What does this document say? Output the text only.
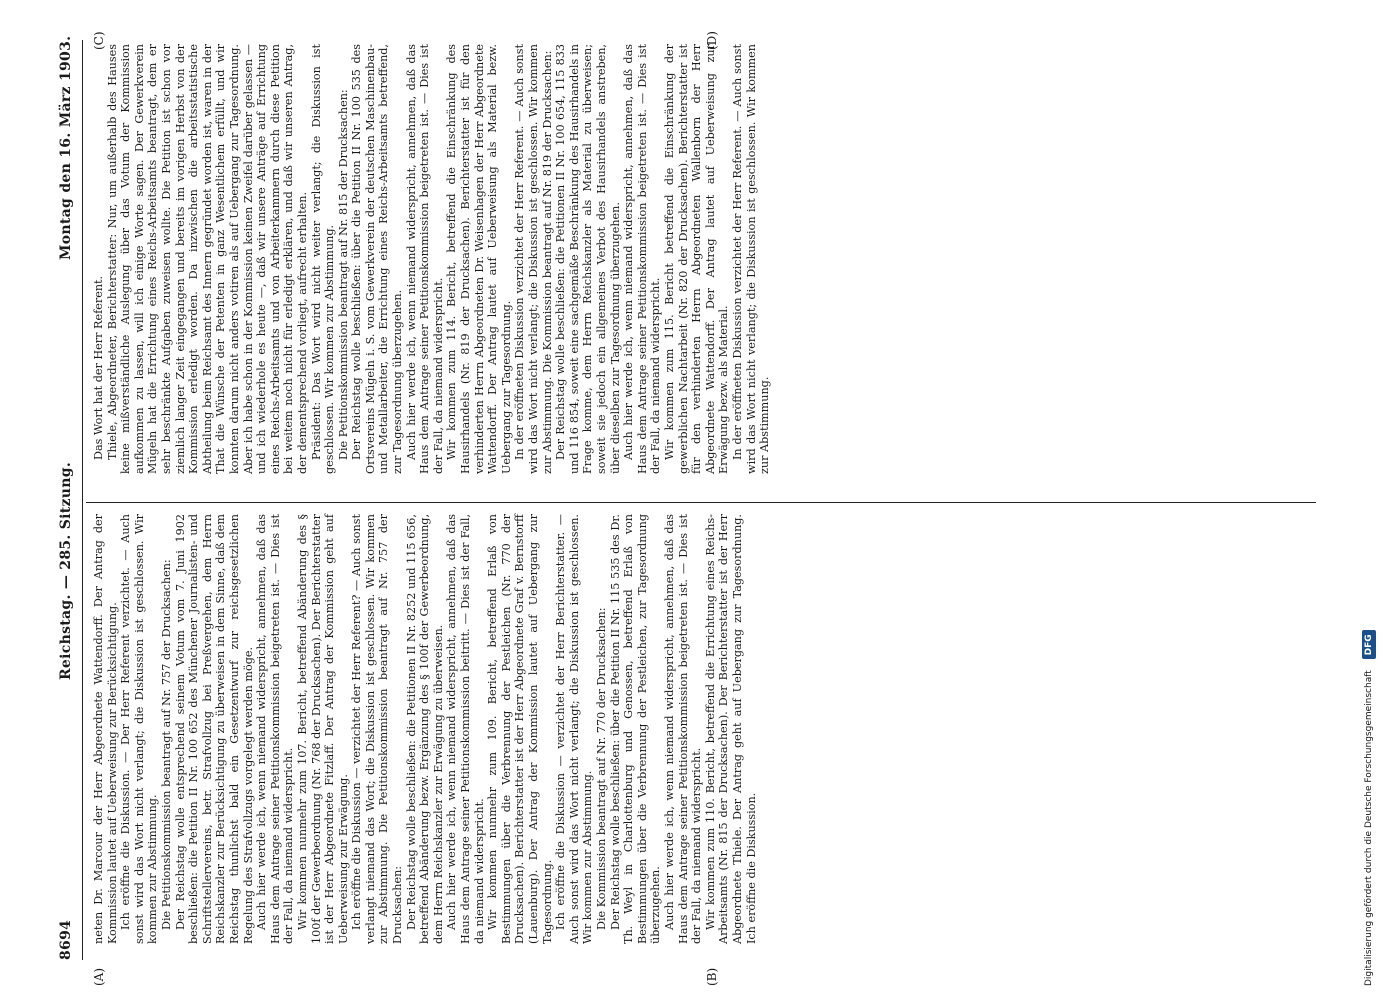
8694
Reichstag. — 285. Sitzung.
Montag den 16. März 1903.
(A)	(B)
(C)	(D)

neten Dr. Marcour der Herr Abgeordnete Wattendorff. Der Antrag der Kommission lautet auf Ueberweisung zur Berücksichtigung. Ich eröffne die Diskussion. — Der Herr Referent verzichtet. — Auch sonst wird das Wort nicht verlangt; die Diskussion ist geschlossen. Wir kommen zur Abstimmung. Die Petitionskommission beantragt auf Nr. 757 der Drucksachen: Der Reichstag wolle entsprechend seinem Votum vom 7. Juni 1902 beschließen: die Petition II Nr. 100 652 des Münchener Journalisten- und Schriftstellervereins, betr. Strafvollzug bei Preßvergehen, dem Herrn Reichskanzler zur Berücksichtigung zu überweisen in dem Sinne, daß dem Reichstag thunlichst bald ein Gesetzentwurf zur reichsgesetzlichen Regelung des Strafvollzugs vorgelegt werden möge. Auch hier werde ich, wenn niemand widerspricht, annehmen, daß das Haus dem Antrage seiner Petitionskommission beigetreten ist. — Dies ist der Fall, da niemand widerspricht. Wir kommen nunmehr zum 107. Bericht, betreffend Abänderung des § 100f der Gewerbeordnung (Nr. 768 der Drucksachen). Der Berichterstatter ist der Herr Abgeordnete Fitzlaff. Der Antrag der Kommission geht auf Ueberweisung zur Erwägung. Ich eröffne die Diskussion — verzichtet der Herr Referent? — Auch sonst verlangt niemand das Wort; die Diskussion ist geschlossen. Wir kommen zur Abstimmung. Die Petitionskommission beantragt auf Nr. 757 der Drucksachen: Der Reichstag wolle beschließen: die Petitionen II Nr. 8252 und 115 656, betreffend Abänderung bezw. Ergänzung des § 100f der Gewerbeordnung, dem Herrn Reichskanzler zur Erwägung zu überweisen. Auch hier werde ich, wenn niemand widerspricht, annehmen, daß das Haus dem Antrage seiner Petitionskommission beitritt. — Dies ist der Fall, da niemand widerspricht. Wir kommen nunmehr zum 109. Bericht, betreffend Erlaß von Bestimmungen über die Verbrennung der Pestleichen (Nr. 770 der Drucksachen). Berichterstatter ist der Herr Abgeordnete Graf v. Bernstorff (Lauenburg). Der Antrag der Kommission lautet auf Uebergang zur Tagesordnung. Ich eröffne die Diskussion — verzichtet der Herr Berichterstatter. — Auch sonst wird das Wort nicht verlangt; die Diskussion ist geschlossen. Wir kommen zur Abstimmung. Die Kommission beantragt auf Nr. 770 der Drucksachen: Der Reichstag wolle beschließen: über die Petition II Nr. 115 535 des Dr. Th. Weyl in Charlottenburg und Genossen, betreffend Erlaß von Bestimmungen über die Verbrennung der Pestleichen, zur Tagesordnung überzugehen. Auch hier werde ich, wenn niemand widerspricht, annehmen, daß das Haus dem Antrage seiner Petitionskommission beigetreten ist. — Dies ist der Fall, da niemand widerspricht. Wir kommen zum 110. Bericht, betreffend die Errichtung eines Reichs-Arbeitsamts (Nr. 815 der Drucksachen). Der Berichterstatter ist der Herr Abgeordnete Thiele. Der Antrag geht auf Uebergang zur Tagesordnung. Ich eröffne die Diskussion.

Das Wort hat der Herr Referent. Thiele, Abgeordneter, Berichterstatter: Nur, um außerhalb des Hauses keine mißverständliche Auslegung über das Votum der Kommission aufkommen zu lassen, will ich einige Worte sagen. Der Gewerkverein Mügeln hat die Errichtung eines Reichs-Arbeitsamts beantragt, dem er sehr beschränkte Aufgaben zuweisen wollte. Die Petition ist schon vor ziemlich langer Zeit eingegangen und bereits im vorigen Herbst von der Kommission erledigt worden. Da inzwischen die arbeitsstatistische Abtheilung beim Reichsamt des Innern gegründet worden ist, waren in der That die Wünsche der Petenten in ganz Wesentlichem erfüllt, und wir konnten darum nicht anders votiren als auf Uebergang zur Tagesordnung. Aber ich habe schon in der Kommission keinen Zweifel darüber gelassen — und ich wiederhole es heute —, daß wir unsere Anträge auf Errichtung eines Reichs-Arbeitsamts und von Arbeiterkammern durch diese Petition bei weitem noch nicht für erledigt erklären, und daß wir unseren Antrag, der dementsprechend vorliegt, aufrecht erhalten. Präsident: Das Wort wird nicht weiter verlangt; die Diskussion ist geschlossen. Wir kommen zur Abstimmung. Die Petitionskommission beantragt auf Nr. 815 der Drucksachen: Der Reichstag wolle beschließen: über die Petition II Nr. 100 535 des Ortsvereins Mügeln i. S. vom Gewerkverein der deutschen Maschinenbau- und Metallarbeiter, die Errichtung eines Reichs-Arbeitsamts betreffend, zur Tagesordnung überzugehen. Auch hier werde ich, wenn niemand widerspricht, annehmen, daß das Haus dem Antrage seiner Petitionskommission beigetreten ist. — Dies ist der Fall, da niemand widerspricht. Wir kommen zum 114. Bericht, betreffend die Einschränkung des Hausirhandels (Nr. 819 der Drucksachen). Berichterstatter ist für den verhinderten Herrn Abgeordneten Dr. Weisenhagen der Herr Abgeordnete Wattendorff. Der Antrag lautet auf Ueberweisung als Material bezw. Uebergang zur Tagesordnung. In der eröffneten Diskussion verzichtet der Herr Referent. — Auch sonst wird das Wort nicht verlangt; die Diskussion ist geschlossen. Wir kommen zur Abstimmung. Die Kommission beantragt auf Nr. 819 der Drucksachen: Der Reichstag wolle beschließen: die Petitionen II Nr. 100 654, 115 833 und 116 854, soweit eine sachgemäße Beschränkung des Hausirhandels in Frage komme, dem Herrn Reichskanzler als Material zu überweisen; soweit sie jedoch ein allgemeines Verbot des Hausirhandels anstreben, über dieselben zur Tagesordnung überzugehen. Auch hier werde ich, wenn niemand widerspricht, annehmen, daß das Haus dem Antrage seiner Petitionskommission beigetreten ist. — Dies ist der Fall, da niemand widerspricht. Wir kommen zum 115. Bericht betreffend die Einschränkung der gewerblichen Nachtarbeit (Nr. 820 der Drucksachen). Berichterstatter ist für den verhinderten Herrn Abgeordneten Wallenborn der Herr Abgeordnete Wattendorff. Der Antrag lautet auf Ueberweisung zur Erwägung bezw. als Material. In der eröffneten Diskussion verzichtet der Herr Referent. — Auch sonst wird das Wort nicht verlangt; die Diskussion ist geschlossen. Wir kommen zur Abstimmung.

Digitalisierung gefördert durch die Deutsche Forschungsgemeinschaft DFG
